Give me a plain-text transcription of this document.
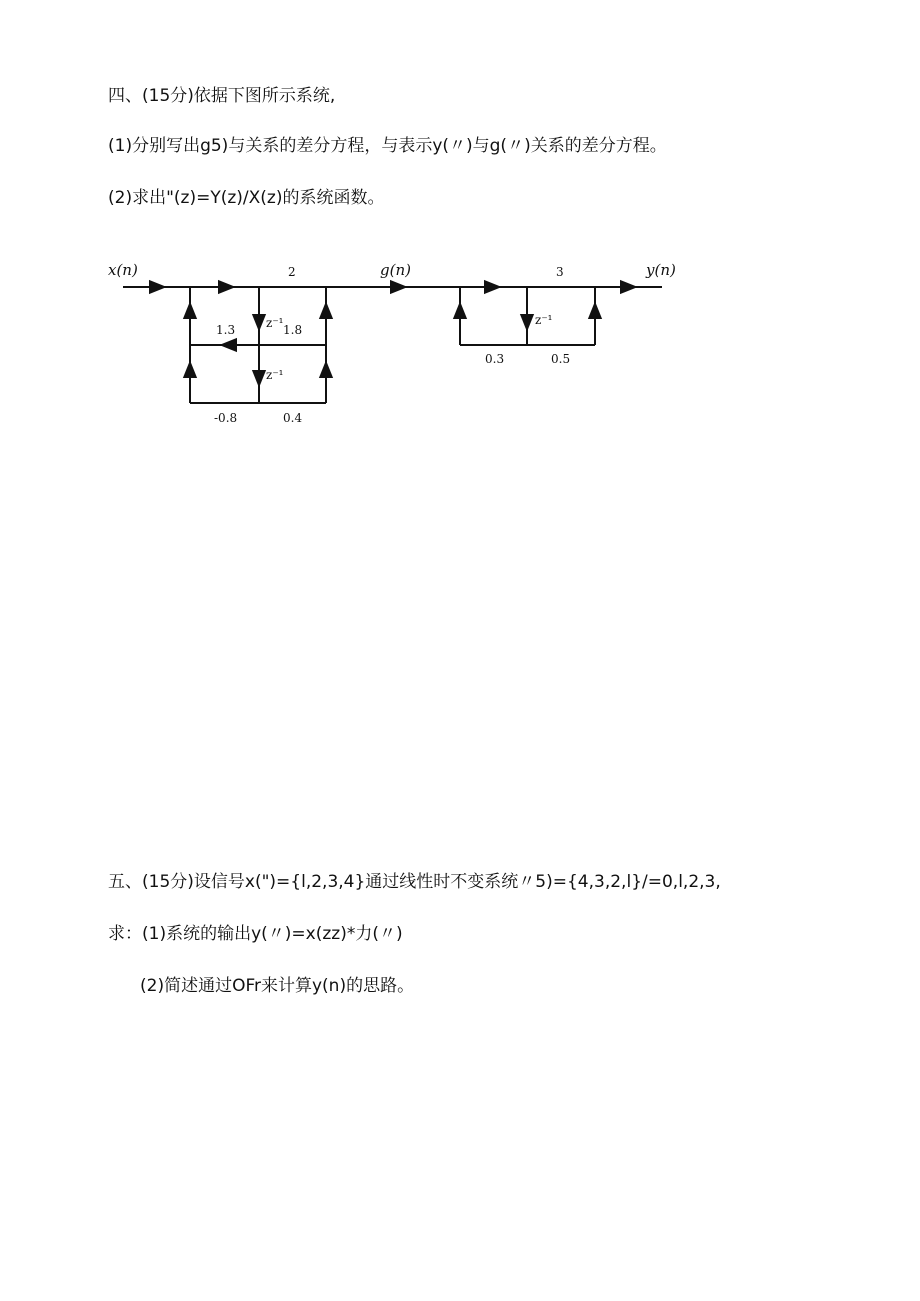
四、(15分)依据下图所示系统,
(1)分别写出g5)与关系的差分方程，与表示y(〃)与g(〃)关系的差分方程。
(2)求出"(z)=Y(z)/X(z)的系统函数。
x(n)	g(n)	y(n)
2
z⁻¹
1.3	1.8
z⁻¹
-0.8	0.4
3
z⁻¹
0.3	0.5
五、(15分)设信号x(")={l,2,3,4}通过线性时不变系统〃5)={4,3,2,l}/=0,l,2,3,
求：(1)系统的输出y(〃)=x(zz)*力(〃)
(2)简述通过OFr来计算y(n)的思路。
